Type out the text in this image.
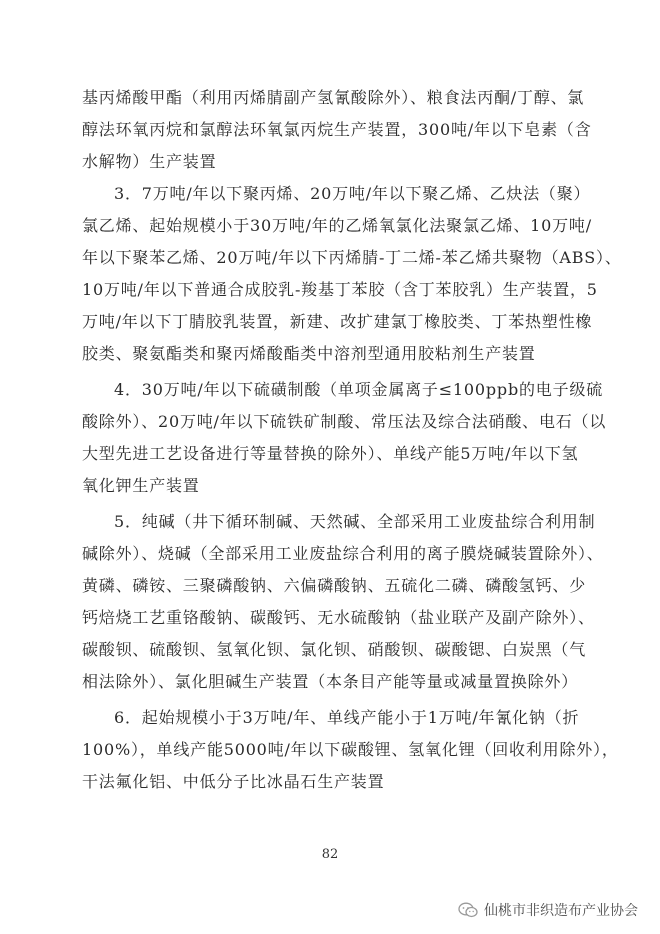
基丙烯酸甲酯（利用丙烯腈副产氢氰酸除外）、粮食法丙酮/丁醇、氯
醇法环氧丙烷和氯醇法环氧氯丙烷生产装置，300吨/年以下皂素（含
水解物）生产装置

3．7万吨/年以下聚丙烯、20万吨/年以下聚乙烯、乙炔法（聚）
氯乙烯、起始规模小于30万吨/年的乙烯氧氯化法聚氯乙烯、10万吨/
年以下聚苯乙烯、20万吨/年以下丙烯腈-丁二烯-苯乙烯共聚物（ABS）、
10万吨/年以下普通合成胶乳-羧基丁苯胶（含丁苯胶乳）生产装置，5
万吨/年以下丁腈胶乳装置，新建、改扩建氯丁橡胶类、丁苯热塑性橡
胶类、聚氨酯类和聚丙烯酸酯类中溶剂型通用胶粘剂生产装置

4．30万吨/年以下硫磺制酸（单项金属离子≤100ppb的电子级硫
酸除外）、20万吨/年以下硫铁矿制酸、常压法及综合法硝酸、电石（以
大型先进工艺设备进行等量替换的除外）、单线产能5万吨/年以下氢
氧化钾生产装置

5．纯碱（井下循环制碱、天然碱、全部采用工业废盐综合利用制
碱除外）、烧碱（全部采用工业废盐综合利用的离子膜烧碱装置除外）、
黄磷、磷铵、三聚磷酸钠、六偏磷酸钠、五硫化二磷、磷酸氢钙、少
钙焙烧工艺重铬酸钠、碳酸钙、无水硫酸钠（盐业联产及副产除外）、
碳酸钡、硫酸钡、氢氧化钡、氯化钡、硝酸钡、碳酸锶、白炭黑（气
相法除外）、氯化胆碱生产装置（本条目产能等量或减量置换除外）

6．起始规模小于3万吨/年、单线产能小于1万吨/年氰化钠（折
100%），单线产能5000吨/年以下碳酸锂、氢氧化锂（回收利用除外），
干法氟化铝、中低分子比冰晶石生产装置

82
仙桃市非织造布产业协会
